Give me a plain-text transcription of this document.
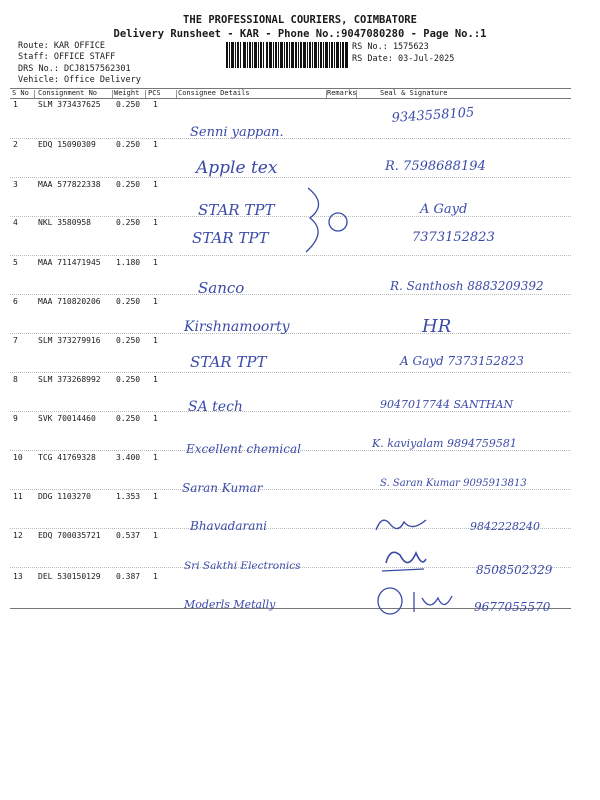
THE PROFESSIONAL COURIERS, COIMBATORE
Delivery Runsheet - KAR - Phone No.:9047080280 - Page No.:1
Route: KAR OFFICE
Staff: OFFICE STAFF
DRS No.: DCJ8157562301
Vehicle: Office Delivery
RS No.: 1575623
RS Date: 03-Jul-2025
S No Consignment No Weight PCS Consignee Details	Remarks	Seal & Signature
1	SLM 373437625 0.250 1
Senni yappan.
9343558105
2	EDQ 15090309	0.250 1
Apple tex	R. 7598688194
3	MAA 577822338 0.250 1
STAR TPT	A Gayd
4	NKL 3580958	0.250 1
STAR TPT	7373152823
5	MAA 711471945 1.180 1
Sanco	R. Santhosh 8883209392
6	MAA 710820206 0.250 1
Kirshnamoorty	HR
7	SLM 373279916 0.250 1
STAR TPT	A Gayd 7373152823
8	SLM 373268992 0.250 1
SA tech	9047017744 SANTHAN
9	SVK 70014460	0.250 1
Excellent chemical	K. kaviyalam 9894759581
10 TCG 41769328	3.400 1
Saran Kumar	S. Saran Kumar 9095913813
11 DDG 1103270	1.353 1
Bhavadarani	9842228240
12 EDQ 700035721 0.537 1
Sri Sakthi Electronics	8508502329
13 DEL 530150129 0.387 1
Moderls Metally	9677055570
